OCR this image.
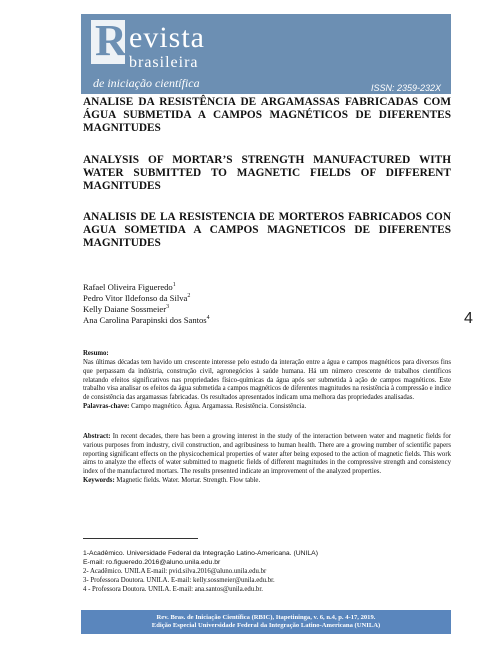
R evista
brasileira
de iniciação científica	ISSN: 2359-232X
ANALISE DA RESISTÊNCIA DE ARGAMASSAS FABRICADAS COM ÁGUA SUBMETIDA A CAMPOS MAGNÉTICOS DE DIFERENTES MAGNITUDES
ANALYSIS OF MORTAR’S STRENGTH MANUFACTURED WITH WATER SUBMITTED TO MAGNETIC FIELDS OF DIFFERENT MAGNITUDES
ANALISIS DE LA RESISTENCIA DE MORTEROS FABRICADOS CON AGUA SOMETIDA A CAMPOS MAGNETICOS DE DIFERENTES MAGNITUDES
Rafael Oliveira Figueredo$^1$
Pedro Vitor Ildefonso da Silva$^2$
Kelly Daiane Sossmeier$^3$
Ana Carolina Parapinski dos Santos$^4$	4
Resumo:
Nas últimas décadas tem havido um crescente interesse pelo estudo da interação entre a água e campos magnéticos para diversos fins que perpassam da indústria, construção civil, agronegócios à saúde humana. Há um número crescente de trabalhos científicos relatando efeitos significativos nas propriedades físico-químicas da água após ser submetida à ação de campos magnéticos. Este trabalho visa analisar os efeitos da água submetida a campos magnéticos de diferentes magnitudes na resistência à compressão e índice de consistência das argamassas fabricadas. Os resultados apresentados indicam uma melhora das propriedades analisadas.
Palavras-chave: Campo magnético. Água. Argamassa. Resistência. Consistência.
Abstract: In recent decades, there has been a growing interest in the study of the interaction between water and magnetic fields for various purposes from industry, civil construction, and agribusiness to human health. There are a growing number of scientific papers reporting significant effects on the physicochemical properties of water after being exposed to the action of magnetic fields. This work aims to analyze the effects of water submitted to magnetic fields of different magnitudes in the compressive strength and consistency index of the manufactured mortars. The results presented indicate an improvement of the analyzed properties.
Keywords: Magnetic fields. Water. Mortar. Strength. Flow table.
1-Acadêmico. Universidade Federal da Integração Latino-Americana. (UNILA)
E-mail: ro.figueredo.2016@aluno.unila.edu.br
2- Acadêmico. UNILA E-mail: pvid.silva.2016@aluno.unila.edu.br
3- Professora Doutora. UNILA. E-mail: kelly.sossmeier@unila.edu.br.
4 - Professora Doutora. UNILA. E-mail: ana.santos@unila.edu.br.
Rev. Bras. de Iniciação Científica (RBIC), Itapetininga, v. 6, n.4, p. 4-17, 2019.
Edição Especial Universidade Federal da Integração Latino-Americana (UNILA)
